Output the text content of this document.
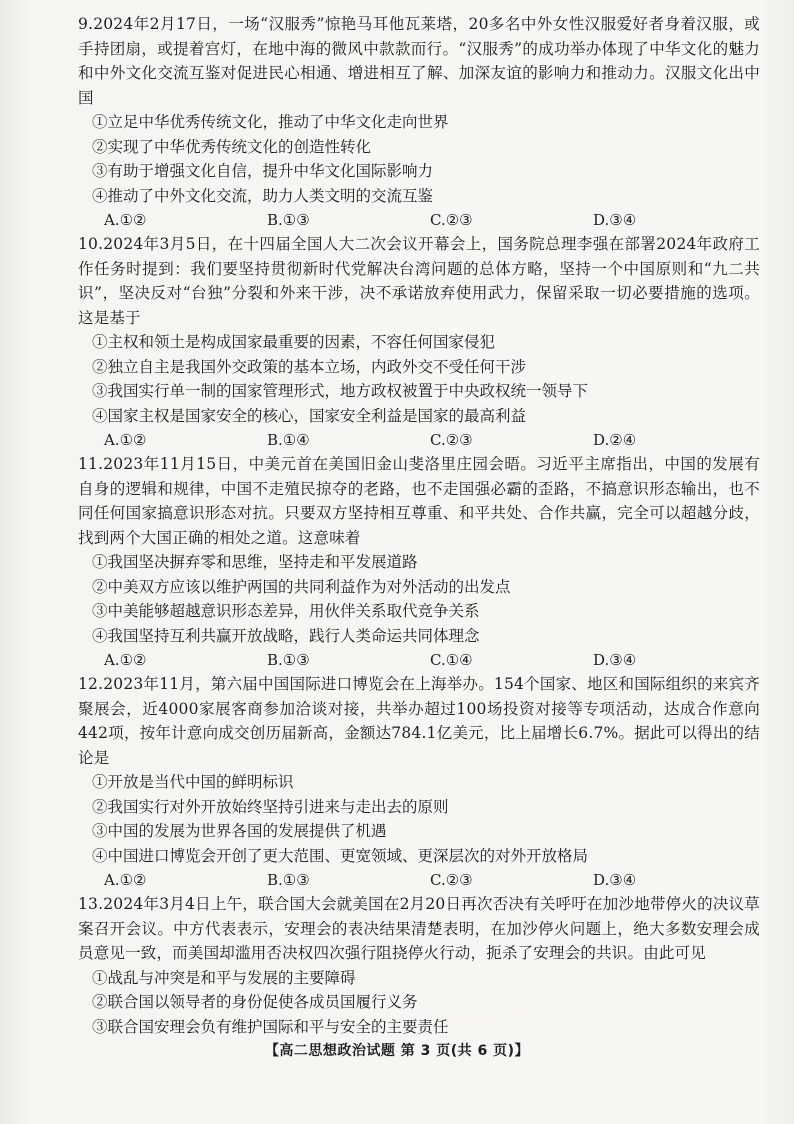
9.2024年2月17日，一场“汉服秀”惊艳马耳他瓦莱塔，20多名中外女性汉服爱好者身着汉服，或手持团扇，或提着宫灯，在地中海的微风中款款而行。“汉服秀”的成功举办体现了中华文化的魅力和中外文化交流互鉴对促进民心相通、增进相互了解、加深友谊的影响力和推动力。汉服文化出中国

①立足中华优秀传统文化，推动了中华文化走向世界

②实现了中华优秀传统文化的创造性转化

③有助于增强文化自信，提升中华文化国际影响力

④推动了中外文化交流，助力人类文明的交流互鉴

A.①②	B.①③	C.②③	D.③④

10.2024年3月5日，在十四届全国人大二次会议开幕会上，国务院总理李强在部署2024年政府工作任务时提到：我们要坚持贯彻新时代党解决台湾问题的总体方略，坚持一个中国原则和“九二共识”，坚决反对“台独”分裂和外来干涉，决不承诺放弃使用武力，保留采取一切必要措施的选项。这是基于

①主权和领土是构成国家最重要的因素，不容任何国家侵犯

②独立自主是我国外交政策的基本立场，内政外交不受任何干涉

③我国实行单一制的国家管理形式，地方政权被置于中央政权统一领导下

④国家主权是国家安全的核心，国家安全利益是国家的最高利益

A.①②	B.①④	C.②③	D.②④

11.2023年11月15日，中美元首在美国旧金山斐洛里庄园会晤。习近平主席指出，中国的发展有自身的逻辑和规律，中国不走殖民掠夺的老路，也不走国强必霸的歪路，不搞意识形态输出，也不同任何国家搞意识形态对抗。只要双方坚持相互尊重、和平共处、合作共赢，完全可以超越分歧，找到两个大国正确的相处之道。这意味着

①我国坚决摒弃零和思维，坚持走和平发展道路

②中美双方应该以维护两国的共同利益作为对外活动的出发点

③中美能够超越意识形态差异，用伙伴关系取代竞争关系

④我国坚持互利共赢开放战略，践行人类命运共同体理念

A.①②	B.①③	C.①④	D.③④

12.2023年11月，第六届中国国际进口博览会在上海举办。154个国家、地区和国际组织的来宾齐聚展会，近4000家展客商参加洽谈对接，共举办超过100场投资对接等专项活动，达成合作意向442项，按年计意向成交创历届新高，金额达784.1亿美元，比上届增长6.7%。据此可以得出的结论是

①开放是当代中国的鲜明标识

②我国实行对外开放始终坚持引进来与走出去的原则

③中国的发展为世界各国的发展提供了机遇

④中国进口博览会开创了更大范围、更宽领域、更深层次的对外开放格局

A.①②	B.①③	C.②③	D.③④

13.2024年3月4日上午，联合国大会就美国在2月20日再次否决有关呼吁在加沙地带停火的决议草案召开会议。中方代表表示，安理会的表决结果清楚表明，在加沙停火问题上，绝大多数安理会成员意见一致，而美国却滥用否决权四次强行阻挠停火行动，扼杀了安理会的共识。由此可见

①战乱与冲突是和平与发展的主要障碍

②联合国以领导者的身份促使各成员国履行义务

③联合国安理会负有维护国际和平与安全的主要责任

【高二思想政治试题 第 3 页(共 6 页)】
